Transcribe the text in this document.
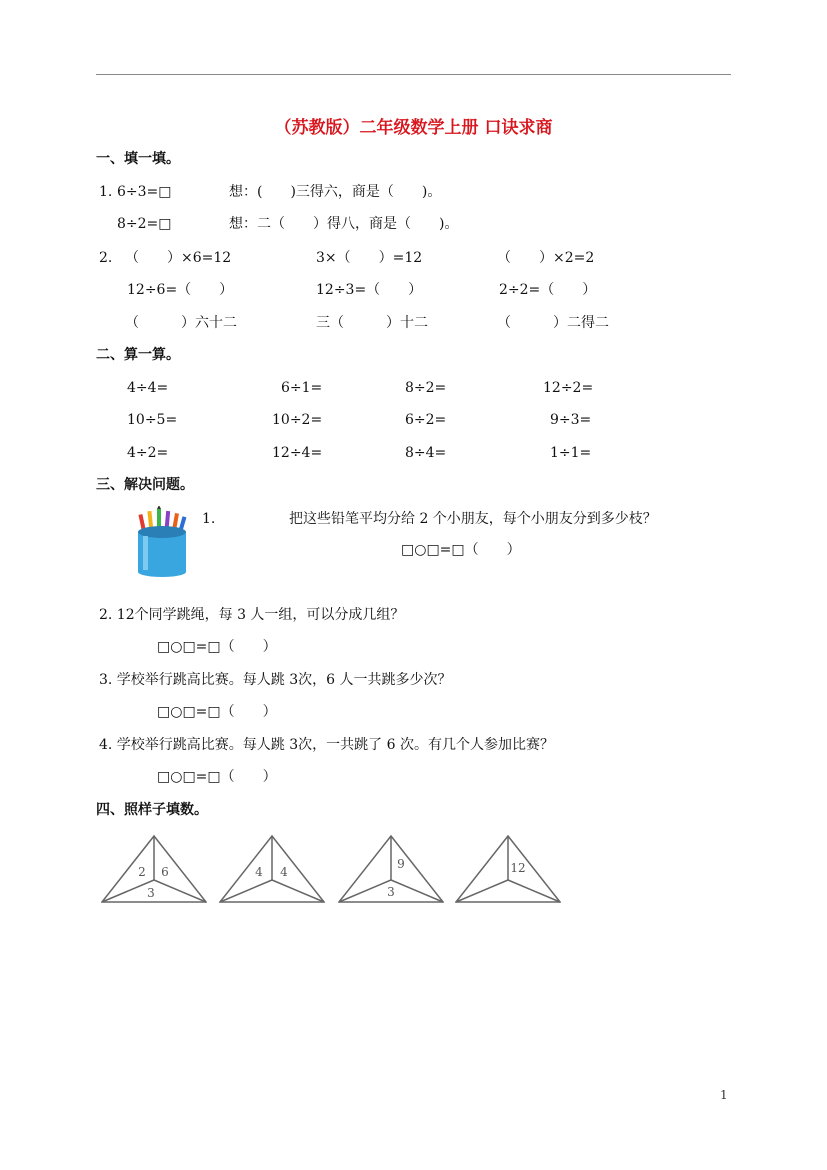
（苏教版）二年级数学上册 口诀求商
一、填一填。
1. 6÷3=□	想：(　　)三得六，商是（　　)。
8÷2=□	想：二（　　）得八，商是（　　)。
2. （　　）×6=12	3×（　　）=12	（　　）×2=2
12÷6=（　　）	12÷3=（　　）	2÷2=（　　）
（　　　）六十二	三（　　　）十二	（　　　）二得二
二、算一算。
4÷4=	6÷1=	8÷2=	12÷2=
10÷5=	10÷2=	6÷2=	9÷3=
4÷2=	12÷4=	8÷4=	1÷1=
三、解决问题。
1.	把这些铅笔平均分给 2 个小朋友，每个小朋友分到多少枝？
□○□=□（　　）
2. 12个同学跳绳，每 3 人一组，可以分成几组？
□○□=□（　　）
3. 学校举行跳高比赛。每人跳 3次，6 人一共跳多少次？
□○□=□（　　）
4. 学校举行跳高比赛。每人跳 3次，一共跳了 6 次。有几个人参加比赛？
□○□=□（　　）
四、照样子填数。
2 6
3
4 4
9
3
12
1
